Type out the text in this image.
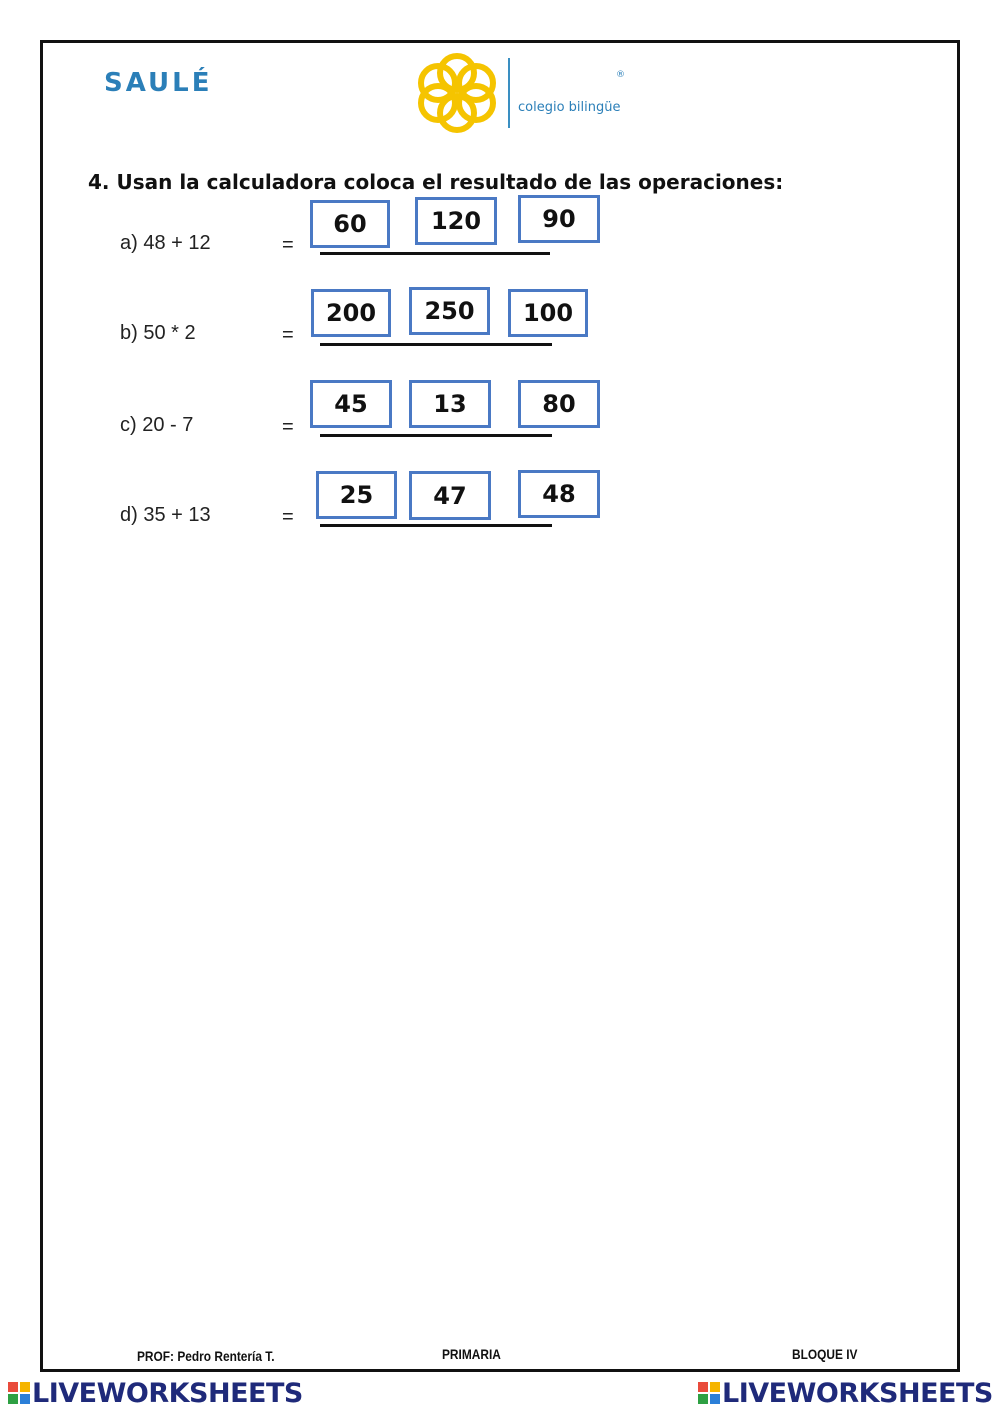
SAULÉ	®
colegio bilingüe
4. Usan la calculadora coloca el resultado de las operaciones:
a) 48 + 12	=
60	120	90
b) 50 * 2	=
200	250	100
c) 20 - 7	=
45	13	80
d) 35 + 13	=
25	47	48
PROF: Pedro Rentería T.	PRIMARIA	BLOQUE IV
LIVEWORKSHEETS	LIVEWORKSHEETS
